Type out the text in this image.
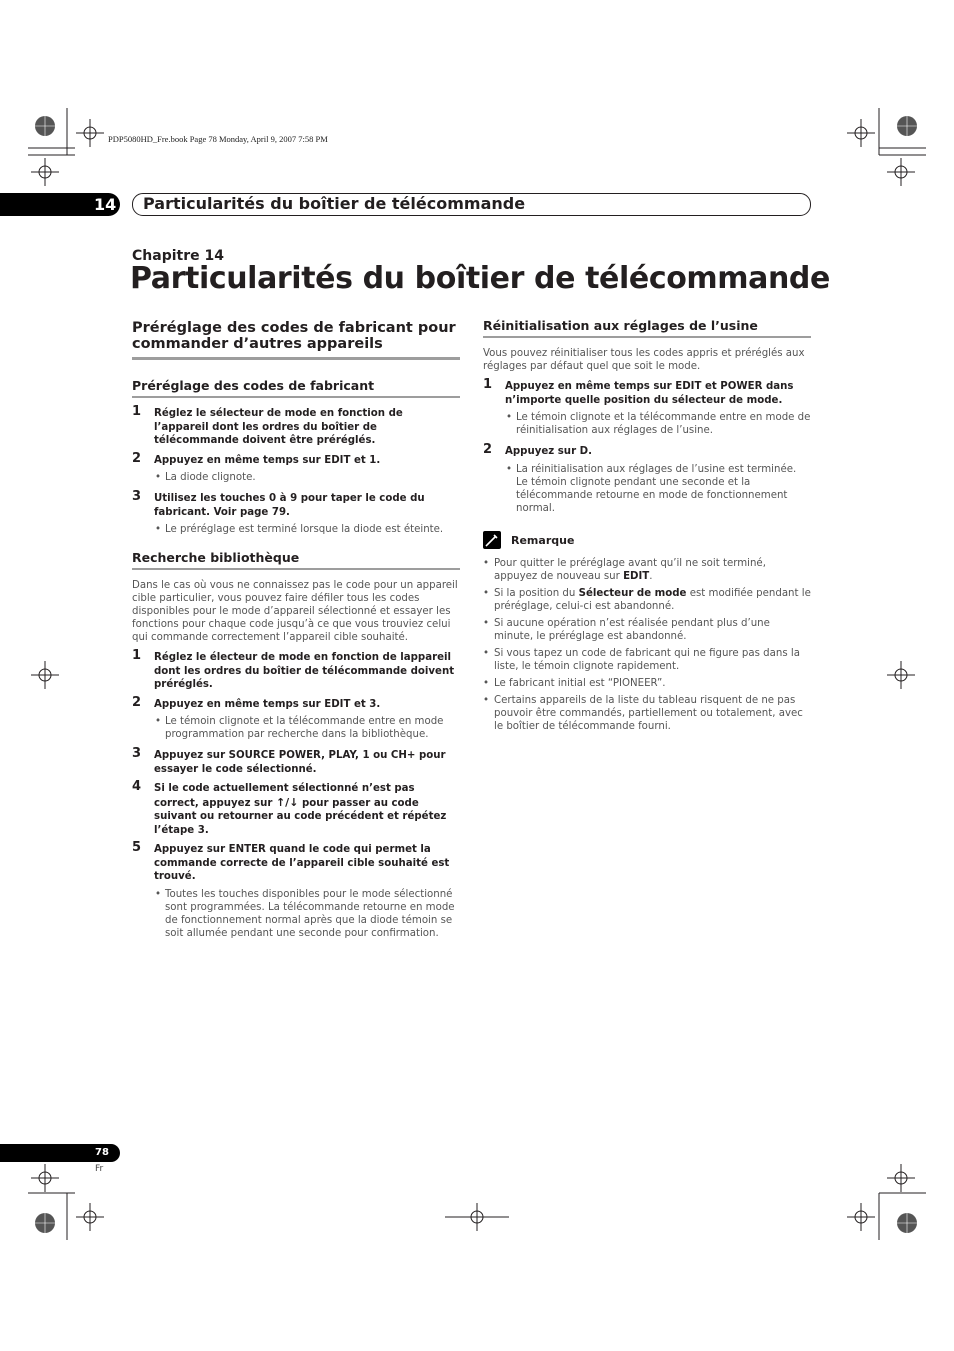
PDP5080HD_Fre.book Page 78 Monday, April 9, 2007 7:58 PM
14 Particularités du boîtier de télécommande
Chapitre 14
Particularités du boîtier de télécommande
Préréglage des codes de fabricant pour commander d’autres appareils
Préréglage des codes de fabricant
1 Réglez le sélecteur de mode en fonction de l’appareil dont les ordres du boîtier de télécommande doivent être préréglés.
2 Appuyez en même temps sur EDIT et 1.
• La diode clignote.
3 Utilisez les touches 0 à 9 pour taper le code du fabricant. Voir page 79.
• Le préréglage est terminé lorsque la diode est éteinte.
Recherche bibliothèque
Dans le cas où vous ne connaissez pas le code pour un appareil cible particulier, vous pouvez faire défiler tous les codes disponibles pour le mode d’appareil sélectionné et essayer les fonctions pour chaque code jusqu’à ce que vous trouviez celui qui commande correctement l’appareil cible souhaité.
1 Réglez le électeur de mode en fonction de lappareil dont les ordres du boîtier de télécommande doivent préréglés.
2 Appuyez en même temps sur EDIT et 3.
• Le témoin clignote et la télécommande entre en mode programmation par recherche dans la bibliothèque.
3 Appuyez sur SOURCE POWER, PLAY, 1 ou CH+ pour essayer le code sélectionné.
4 Si le code actuellement sélectionné n’est pas correct, appuyez sur ↑/↓ pour passer au code suivant ou retourner au code précédent et répétez l’étape 3.
5 Appuyez sur ENTER quand le code qui permet la commande correcte de l’appareil cible souhaité est trouvé.
• Toutes les touches disponibles pour le mode sélectionné sont programmées. La télécommande retourne en mode de fonctionnement normal après que la diode témoin se soit allumée pendant une seconde pour confirmation.
Réinitialisation aux réglages de l’usine
Vous pouvez réinitialiser tous les codes appris et préréglés aux réglages par défaut quel que soit le mode.
1 Appuyez en même temps sur EDIT et POWER dans n’importe quelle position du sélecteur de mode.
• Le témoin clignote et la télécommande entre en mode de réinitialisation aux réglages de l’usine.
2 Appuyez sur D.
• La réinitialisation aux réglages de l’usine est terminée. Le témoin clignote pendant une seconde et la télécommande retourne en mode de fonctionnement normal.
Remarque
• Pour quitter le préréglage avant qu’il ne soit terminé, appuyez de nouveau sur EDIT.
• Si la position du Sélecteur de mode est modifiée pendant le préréglage, celui-ci est abandonné.
• Si aucune opération n’est réalisée pendant plus d’une minute, le préréglage est abandonné.
• Si vous tapez un code de fabricant qui ne figure pas dans la liste, le témoin clignote rapidement.
• Le fabricant initial est “PIONEER”.
• Certains appareils de la liste du tableau risquent de ne pas pouvoir être commandés, partiellement ou totalement, avec le boîtier de télécommande fourni.
78
Fr
